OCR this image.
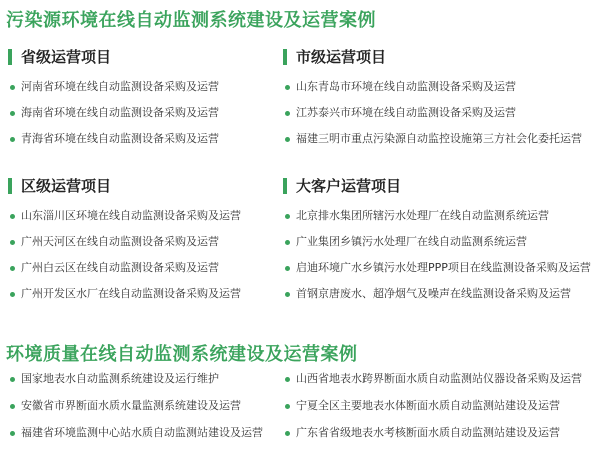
污染源环境在线自动监测系统建设及运营案例
省级运营项目
河南省环境在线自动监测设备采购及运营
海南省环境在线自动监测设备采购及运营
青海省环境在线自动监测设备采购及运营
市级运营项目
山东青岛市环境在线自动监测设备采购及运营
江苏泰兴市环境在线自动监测设备采购及运营
福建三明市重点污染源自动监控设施第三方社会化委托运营
区级运营项目
山东淄川区环境在线自动监测设备采购及运营
广州天河区在线自动监测设备采购及运营
广州白云区在线自动监测设备采购及运营
广州开发区水厂在线自动监测设备采购及运营
大客户运营项目
北京排水集团所辖污水处理厂在线自动监测系统运营
广业集团乡镇污水处理厂在线自动监测系统运营
启迪环境广水乡镇污水处理PPP项目在线监测设备采购及运营
首钢京唐废水、超净烟气及噪声在线监测设备采购及运营
环境质量在线自动监测系统建设及运营案例
国家地表水自动监测系统建设及运行维护
安徽省市界断面水质水量监测系统建设及运营
福建省环境监测中心站水质自动监测站建设及运营
山西省地表水跨界断面水质自动监测站仪器设备采购及运营
宁夏全区主要地表水体断面水质自动监测站建设及运营
广东省省级地表水考核断面水质自动监测站建设及运营
